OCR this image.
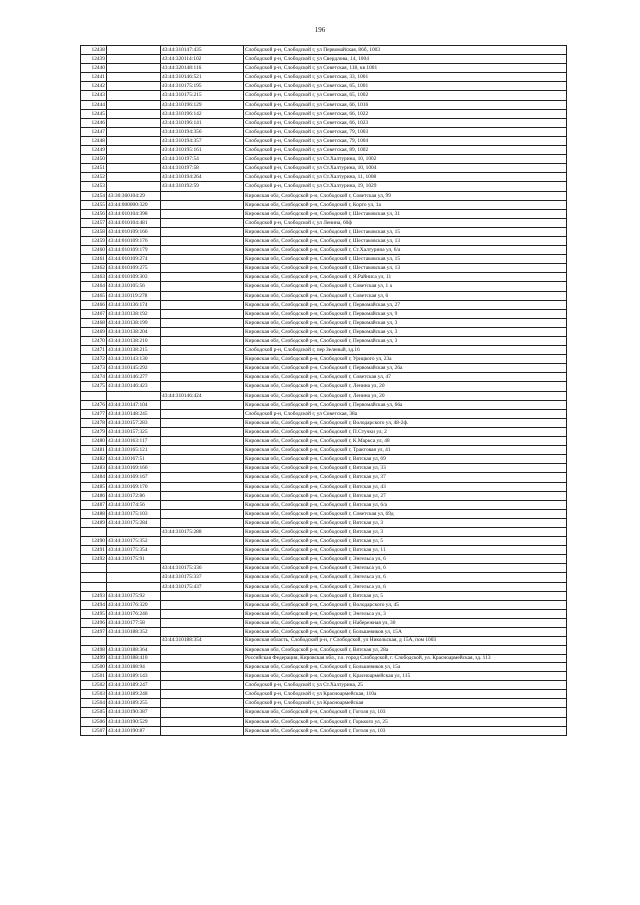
196
12438		43:44:310147:435	Слободской р-н, Слободской г, ул Первомайская, 86б, 1003
12439		43:44:320114:102	Слободской р-н, Слободской г, ул Свердлова, 14, 1004
12440		43:44:320148:116	Слободской р-н, Слободской г, ул Советская, 118, кв 1001
12441		43:44:310146:521	Слободской р-н, Слободской г, ул Советская, 33, 1001
12442		43:44:310175:195	Слободской р-н, Слободской г, ул Советская, 65, 1001
12443		43:44:310175:215	Слободской р-н, Слободской г, ул Советская, 65, 1002
12444		43:44:310196:129	Слободской р-н, Слободской г, ул Советская, 66, 1016
12445		43:44:310196:142	Слободской р-н, Слободской г, ул Советская, 66, 1022
12446		43:44:310196:141	Слободской р-н, Слободской г, ул Советская, 66, 1023
12447		43:44:310194:356	Слободской р-н, Слободской г, ул Советская, 79, 1003
12448		43:44:310194:357	Слободской р-н, Слободской г, ул Советская, 79, 1004
12449		43:44:310195:161	Слободской р-н, Слободской г, ул Советская, 89, 1002
12450		43:44:310197:54	Слободской р-н, Слободской г, ул Ст.Халтурина, 10, 1002
12451		43:44:310197:58	Слободской р-н, Слободской г, ул Ст.Халтурина, 10, 1004
12452		43:44:310194:264	Слободской р-н, Слободской г, ул Ст.Халтурина, 11, 1008
12453		43:44:310192:59	Слободской р-н, Слободской г, ул Ст.Халтурина, 19, 1029
12454	43:30:360104:29		Кировская обл, Слободской р-н, Слободской г, Советская ул, 99
12455	43:44:000000:320		Кировская обл, Слободской р-н, Слободской г, Корто ул, 1а
12456	43:44:010104:398		Кировская обл, Слободской р-н, Слободской г, Шестаковская ул, 31
12457	43:44:010104:481		Слободской р-н, Слободской г, ул Ленина, 60ф
12458	43:44:010109:166		Кировская обл, Слободской р-н, Слободской г, Шестаковская ул, 15
12459	43:44:010109:176		Кировская обл, Слободской р-н, Слободской г, Шестаковская ул, 13
12460	43:44:010109:179		Кировская обл, Слободской р-н, Слободской г, Ст.Халтурина ул, 6/а
12461	43:44:010109:274		Кировская обл, Слободской р-н, Слободской г, Шестаковская ул, 15
12462	43:44:010109:275		Кировская обл, Слободской р-н, Слободской г, Шестаковская ул, 13
12463	43:44:010109:303		Кировская обл, Слободской р-н, Слободской г, Я.Райниса ул, 11
12464	43:44:310105:56		Кировская обл, Слободской р-н, Слободской г, Советская ул, 1 а
12465	43:44:310119:278		Кировская обл, Слободской р-н, Слободской г, Советская ул, 6
12466	43:44:310136:174		Кировская обл, Слободской р-н, Слободской г, Первомайская ул, 27
12467	43:44:310138:192		Кировская обл, Слободской р-н, Слободской г, Первомайская ул, 9
12468	43:44:310138:199		Кировская обл, Слободской р-н, Слободской г, Первомайская ул, 3
12469	43:44:310138:204		Кировская обл, Слободской р-н, Слободской г, Первомайская ул, 3
12470	43:44:310138:210		Кировская обл, Слободской р-н, Слободской г, Первомайская ул, 3
12471	43:44:310138:215		Слободской р-н, Слободской г, пер Зеленый, зд.16
12472	43:44:310143:130		Кировская обл, Слободской р-н, Слободской г, Урицкого ул, 23а
12473	43:44:310145:292		Кировская обл, Слободской р-н, Слободской г, Первомайская ул, 26а
12474	43:44:310146:277		Кировская обл, Слободской р-н, Слободской г, Советская ул, 47
12475	43:44:310146:423		Кировская обл, Слободской р-н, Слободской г, Ленина ул, 20
		43:44:310146:424	Кировская обл, Слободской р-н, Слободской г, Ленина ул, 20
12476	43:44:310147:104		Кировская обл, Слободской р-н, Слободской г, Первомайская ул, 66а
12477	43:44:310148:245		Слободской р-н, Слободской г, ул Советская, 38а
12478	43:44:310157:283		Кировская обл, Слободской р-н, Слободской г, Володарского ул, 48-2ф.
12479	43:44:310157:325		Кировская обл, Слободской р-н, Слободской г, П.Стучки ул, 2
12480	43:44:310163:117		Кировская обл, Слободской р-н, Слободской г, К.Маркса ул, 48
12481	43:44:310165:121		Кировская обл, Слободской р-н, Слободской г, Трактовая ул, 41
12482	43:44:310167:51		Кировская обл, Слободской р-н, Слободской г, Вятская ул, 69
12483	43:44:310169:166		Кировская обл, Слободской р-н, Слободской г, Вятская ул, 33
12484	43:44:310169:167		Кировская обл, Слободской р-н, Слободской г, Вятская ул, 37
12485	43:44:310169:170		Кировская обл, Слободской р-н, Слободской г, Вятская ул, 43
12486	43:44:310172:86		Кировская обл, Слободской р-н, Слободской г, Вятская ул, 27
12487	43:44:310174:56		Кировская обл, Слободской р-н, Слободской г, Вятская ул, 6/а
12488	43:44:310175:103		Кировская обл, Слободской р-н, Слободской г, Советская ул, 69д
12489	43:44:310175:284		Кировская обл, Слободской р-н, Слободской г, Вятская ул, 3
		43:44:310175:288	Кировская обл, Слободской р-н, Слободской г, Вятская ул, 3
12490	43:44:310175:352		Кировская обл, Слободской р-н, Слободской г, Вятская ул, 5
12491	43:44:310175:354		Кировская обл, Слободской р-н, Слободской г, Вятская ул, 11
12492	43:44:310175:91		Кировская обл, Слободской р-н, Слободской г, Энгельса ул, 6
		43:44:310175:336	Кировская обл, Слободской р-н, Слободской г, Энгельса ул, 6
		43:44:310175:337	Кировская обл, Слободской р-н, Слободской г, Энгельса ул, 6
		43:44:310175:437	Кировская обл, Слободской р-н, Слободской г, Энгельса ул, 6
12493	43:44:310175:92		Кировская обл, Слободской р-н, Слободской г, Вятская ул, 5
12494	43:44:310176:320		Кировская обл, Слободской р-н, Слободской г, Володарского ул, 45
12495	43:44:310176:246		Кировская обл, Слободской р-н, Слободской г, Энгельса ул, 3
12496	43:44:310177:58		Кировская обл, Слободской р-н, Слободской г, Набережная ул, 30
12497	43:44:310188:352		Кировская обл, Слободской р-н, Слободской г, Большевиков ул, 15А
		43:44:310188:354	Кировская область, Слободской р-н, г Слободской, ул Никольская, д 15А, пом 1003
12498	43:44:310188:364		Кировская обл, Слободской р-н, Слободской г, Вятская ул, 28а
12499	43:44:310188:410		Российская Федерация, Кировская обл., г.о. город Слободской, г. Слободской, ул. Красноармейская, зд. 113
12500	43:44:310188:94		Кировская обл, Слободской р-н, Слободской г, Большевиков ул, 15а
12501	43:44:310189:143		Кировская обл, Слободской р-н, Слободской г, Красноармейская ул, 115
12502	43:44:310189:247		Слободской р-н, Слободской г, ул Ст.Халтурина, 25
12503	43:44:310189:248		Слободской р-н, Слободской г, ул Красноармейская, 110а
12504	43:44:310189:255		Слободской р-н, Слободской г, ул Красноармейская
12505	43:44:310190:387		Кировская обл, Слободской р-н, Слободской г, Гоголя ул, 103
12506	43:44:310190:529		Кировская обл, Слободской р-н, Слободской г, Горького ул, 25
12507	43:44:310190:87		Кировская обл, Слободской р-н, Слободской г, Гоголя ул, 103
